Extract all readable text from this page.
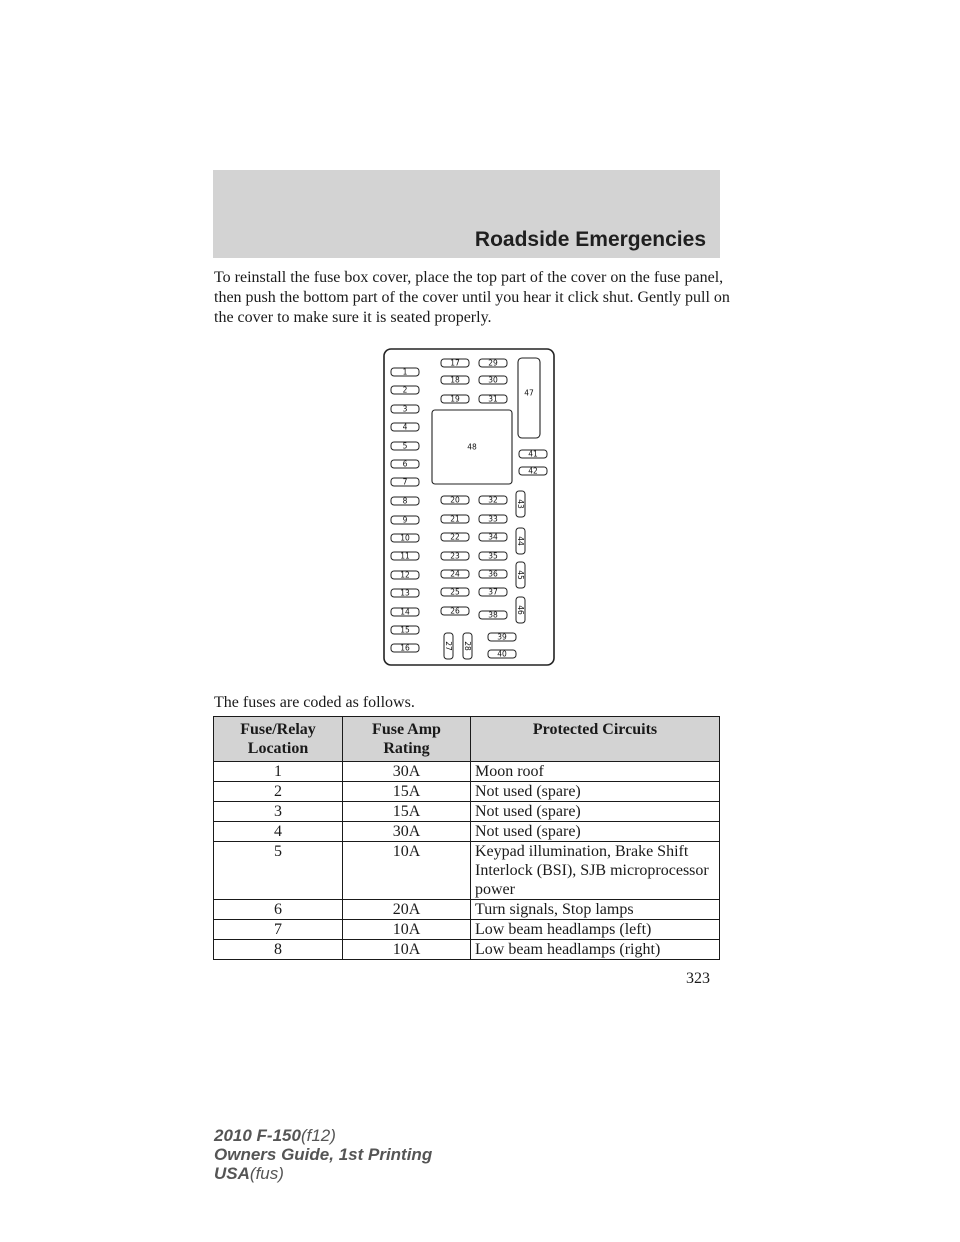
Roadside Emergencies

To reinstall the fuse box cover, place the top part of the cover on the fuse panel, then push the bottom part of the cover until you hear it click shut. Gently pull on the cover to make sure it is seated properly.

1
2
3
4
5
6
7
8
9
10
11
12
13
14
15
16
17
18
19
29
30
31
48
47
41
42
20
21
22
23
24
25
26
32
33
34
35
36
37
38
43
44
45
46
27 28
39
40

The fuses are coded as follows.

Fuse/Relay Location	Fuse Amp Rating	Protected Circuits
1	30A	Moon roof
2	15A	Not used (spare)
3	15A	Not used (spare)
4	30A	Not used (spare)
5	10A	Keypad illumination, Brake Shift Interlock (BSI), SJB microprocessor power
6	20A	Turn signals, Stop lamps
7	10A	Low beam headlamps (left)
8	10A	Low beam headlamps (right)
323
2010 F-150(f12)
Owners Guide, 1st Printing
USA(fus)
